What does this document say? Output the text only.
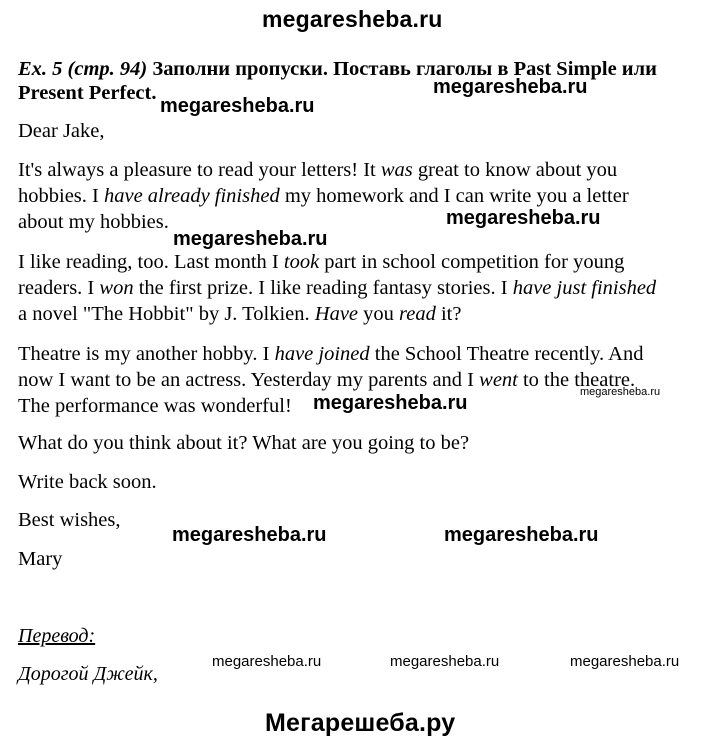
megaresheba.ru
Ex. 5 (стр. 94) Заполни пропуски. Поставь глаголы в Past Simple или
Present Perfect.
megaresheba.ru
megaresheba.ru
Dear Jake,
It's always a pleasure to read your letters! It was great to know about you
hobbies. I have already finished my homework and I can write you a letter
about my hobbies.	megaresheba.ru
megaresheba.ru
I like reading, too. Last month I took part in school competition for young
readers. I won the first prize. I like reading fantasy stories. I have just finished
a novel "The Hobbit" by J. Tolkien. Have you read it?
Theatre is my another hobby. I have joined the School Theatre recently. And
now I want to be an actress. Yesterday my parents and I went to the theatre.
The performance was wonderful! megaresheba.ru	megaresheba.ru
What do you think about it? What are you going to be?
Write back soon.
Best wishes,
Mary
megaresheba.ru	megaresheba.ru
Перевод:
Дорогой Джейк,
megaresheba.ru	megaresheba.ru	megaresheba.ru
Мегарешеба.ру
